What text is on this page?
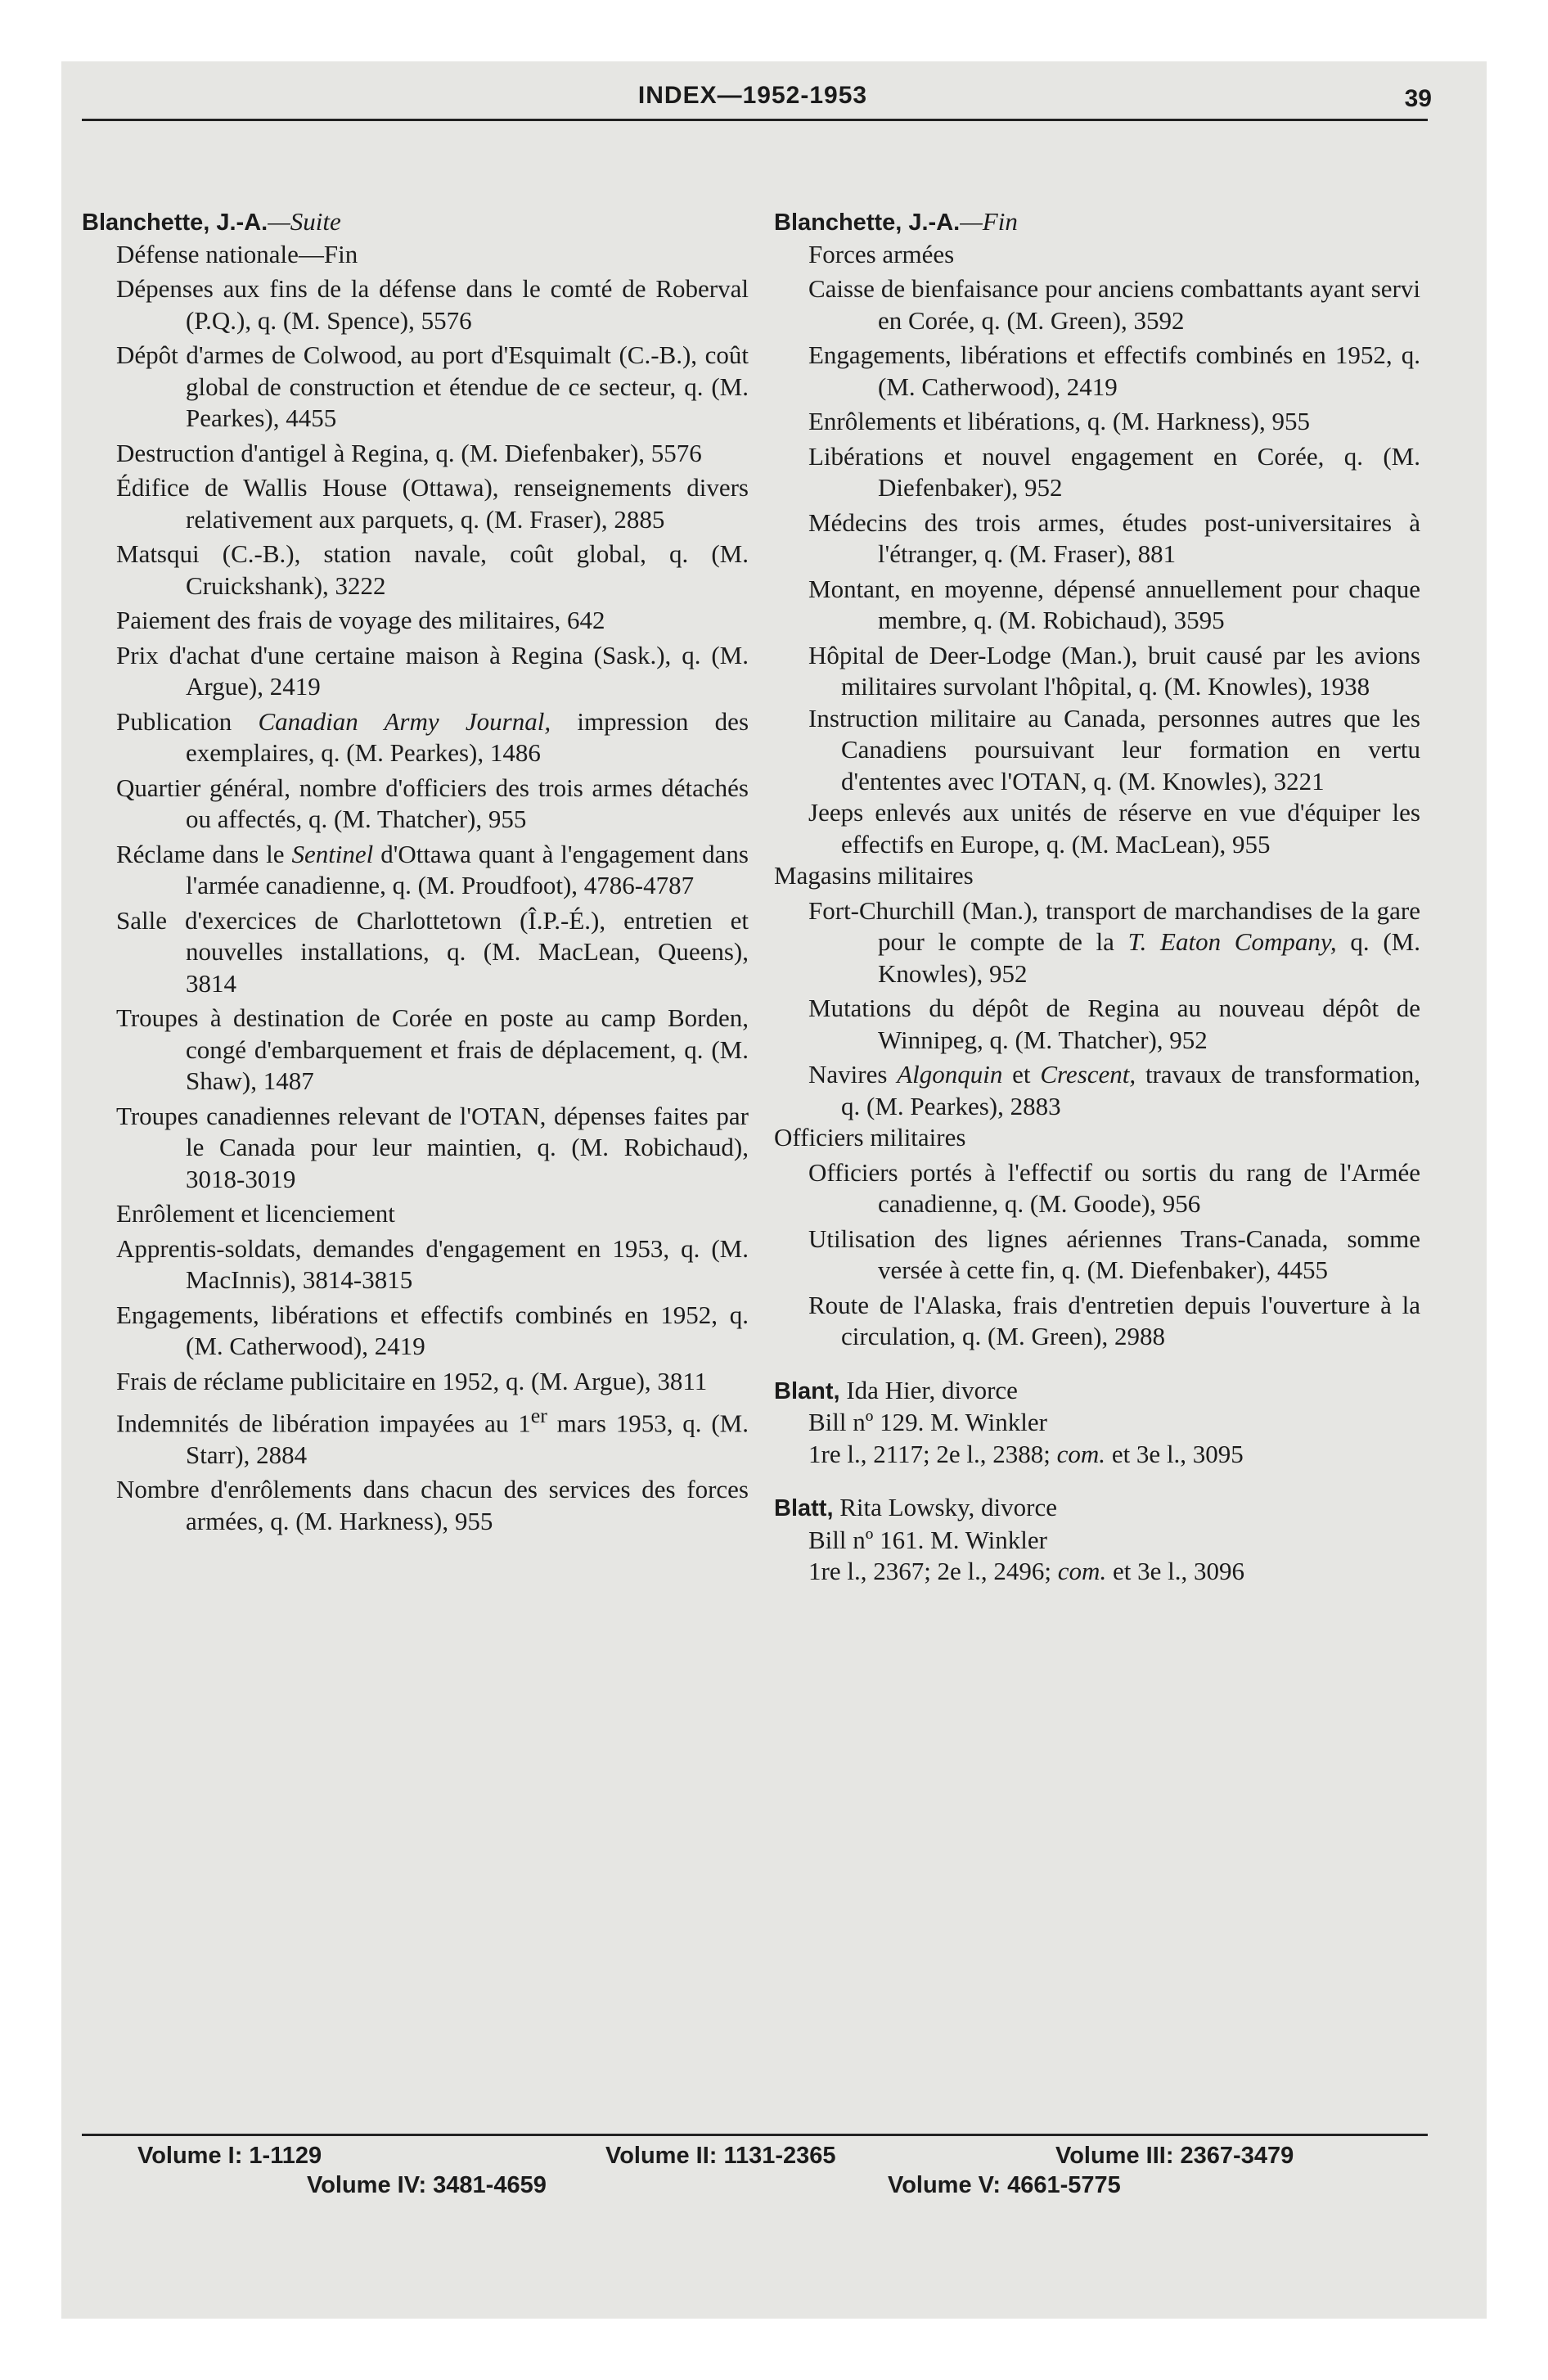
INDEX—1952-1953	39

Blanchette, J.-A.—Suite

Défense nationale—Fin

Dépenses aux fins de la défense dans le comté de Roberval (P.Q.), q. (M. Spence), 5576

Dépôt d'armes de Colwood, au port d'Esquimalt (C.-B.), coût global de construction et étendue de ce secteur, q. (M. Pearkes), 4455

Destruction d'antigel à Regina, q. (M. Diefenbaker), 5576

Édifice de Wallis House (Ottawa), renseignements divers relativement aux parquets, q. (M. Fraser), 2885

Matsqui (C.-B.), station navale, coût global, q. (M. Cruickshank), 3222

Paiement des frais de voyage des militaires, 642

Prix d'achat d'une certaine maison à Regina (Sask.), q. (M. Argue), 2419

Publication Canadian Army Journal, impression des exemplaires, q. (M. Pearkes), 1486

Quartier général, nombre d'officiers des trois armes détachés ou affectés, q. (M. Thatcher), 955

Réclame dans le Sentinel d'Ottawa quant à l'engagement dans l'armée canadienne, q. (M. Proudfoot), 4786-4787

Salle d'exercices de Charlottetown (Î.P.-É.), entretien et nouvelles installations, q. (M. MacLean, Queens), 3814

Troupes à destination de Corée en poste au camp Borden, congé d'embarquement et frais de déplacement, q. (M. Shaw), 1487

Troupes canadiennes relevant de l'OTAN, dépenses faites par le Canada pour leur maintien, q. (M. Robichaud), 3018-3019

Enrôlement et licenciement

Apprentis-soldats, demandes d'engagement en 1953, q. (M. MacInnis), 3814-3815

Engagements, libérations et effectifs combinés en 1952, q. (M. Catherwood), 2419

Frais de réclame publicitaire en 1952, q. (M. Argue), 3811

Indemnités de libération impayées au 1er mars 1953, q. (M. Starr), 2884

Nombre d'enrôlements dans chacun des services des forces armées, q. (M. Harkness), 955

Blanchette, J.-A.—Fin

Forces armées

Caisse de bienfaisance pour anciens combattants ayant servi en Corée, q. (M. Green), 3592

Engagements, libérations et effectifs combinés en 1952, q. (M. Catherwood), 2419

Enrôlements et libérations, q. (M. Harkness), 955

Libérations et nouvel engagement en Corée, q. (M. Diefenbaker), 952

Médecins des trois armes, études post-universitaires à l'étranger, q. (M. Fraser), 881

Montant, en moyenne, dépensé annuellement pour chaque membre, q. (M. Robichaud), 3595

Hôpital de Deer-Lodge (Man.), bruit causé par les avions militaires survolant l'hôpital, q. (M. Knowles), 1938

Instruction militaire au Canada, personnes autres que les Canadiens poursuivant leur formation en vertu d'ententes avec l'OTAN, q. (M. Knowles), 3221

Jeeps enlevés aux unités de réserve en vue d'équiper les effectifs en Europe, q. (M. MacLean), 955

Magasins militaires

Fort-Churchill (Man.), transport de marchandises de la gare pour le compte de la T. Eaton Company, q. (M. Knowles), 952

Mutations du dépôt de Regina au nouveau dépôt de Winnipeg, q. (M. Thatcher), 952

Navires Algonquin et Crescent, travaux de transformation, q. (M. Pearkes), 2883

Officiers militaires

Officiers portés à l'effectif ou sortis du rang de l'Armée canadienne, q. (M. Goode), 956

Utilisation des lignes aériennes Trans-Canada, somme versée à cette fin, q. (M. Diefenbaker), 4455

Route de l'Alaska, frais d'entretien depuis l'ouverture à la circulation, q. (M. Green), 2988

Blant, Ida Hier, divorce

Bill nº 129. M. Winkler

1re l., 2117; 2e l., 2388; com. et 3e l., 3095

Blatt, Rita Lowsky, divorce

Bill nº 161. M. Winkler

1re l., 2367; 2e l., 2496; com. et 3e l., 3096

Volume I: 1-1129	Volume II: 1131-2365	Volume III: 2367-3479
Volume IV: 3481-4659	Volume V: 4661-5775
